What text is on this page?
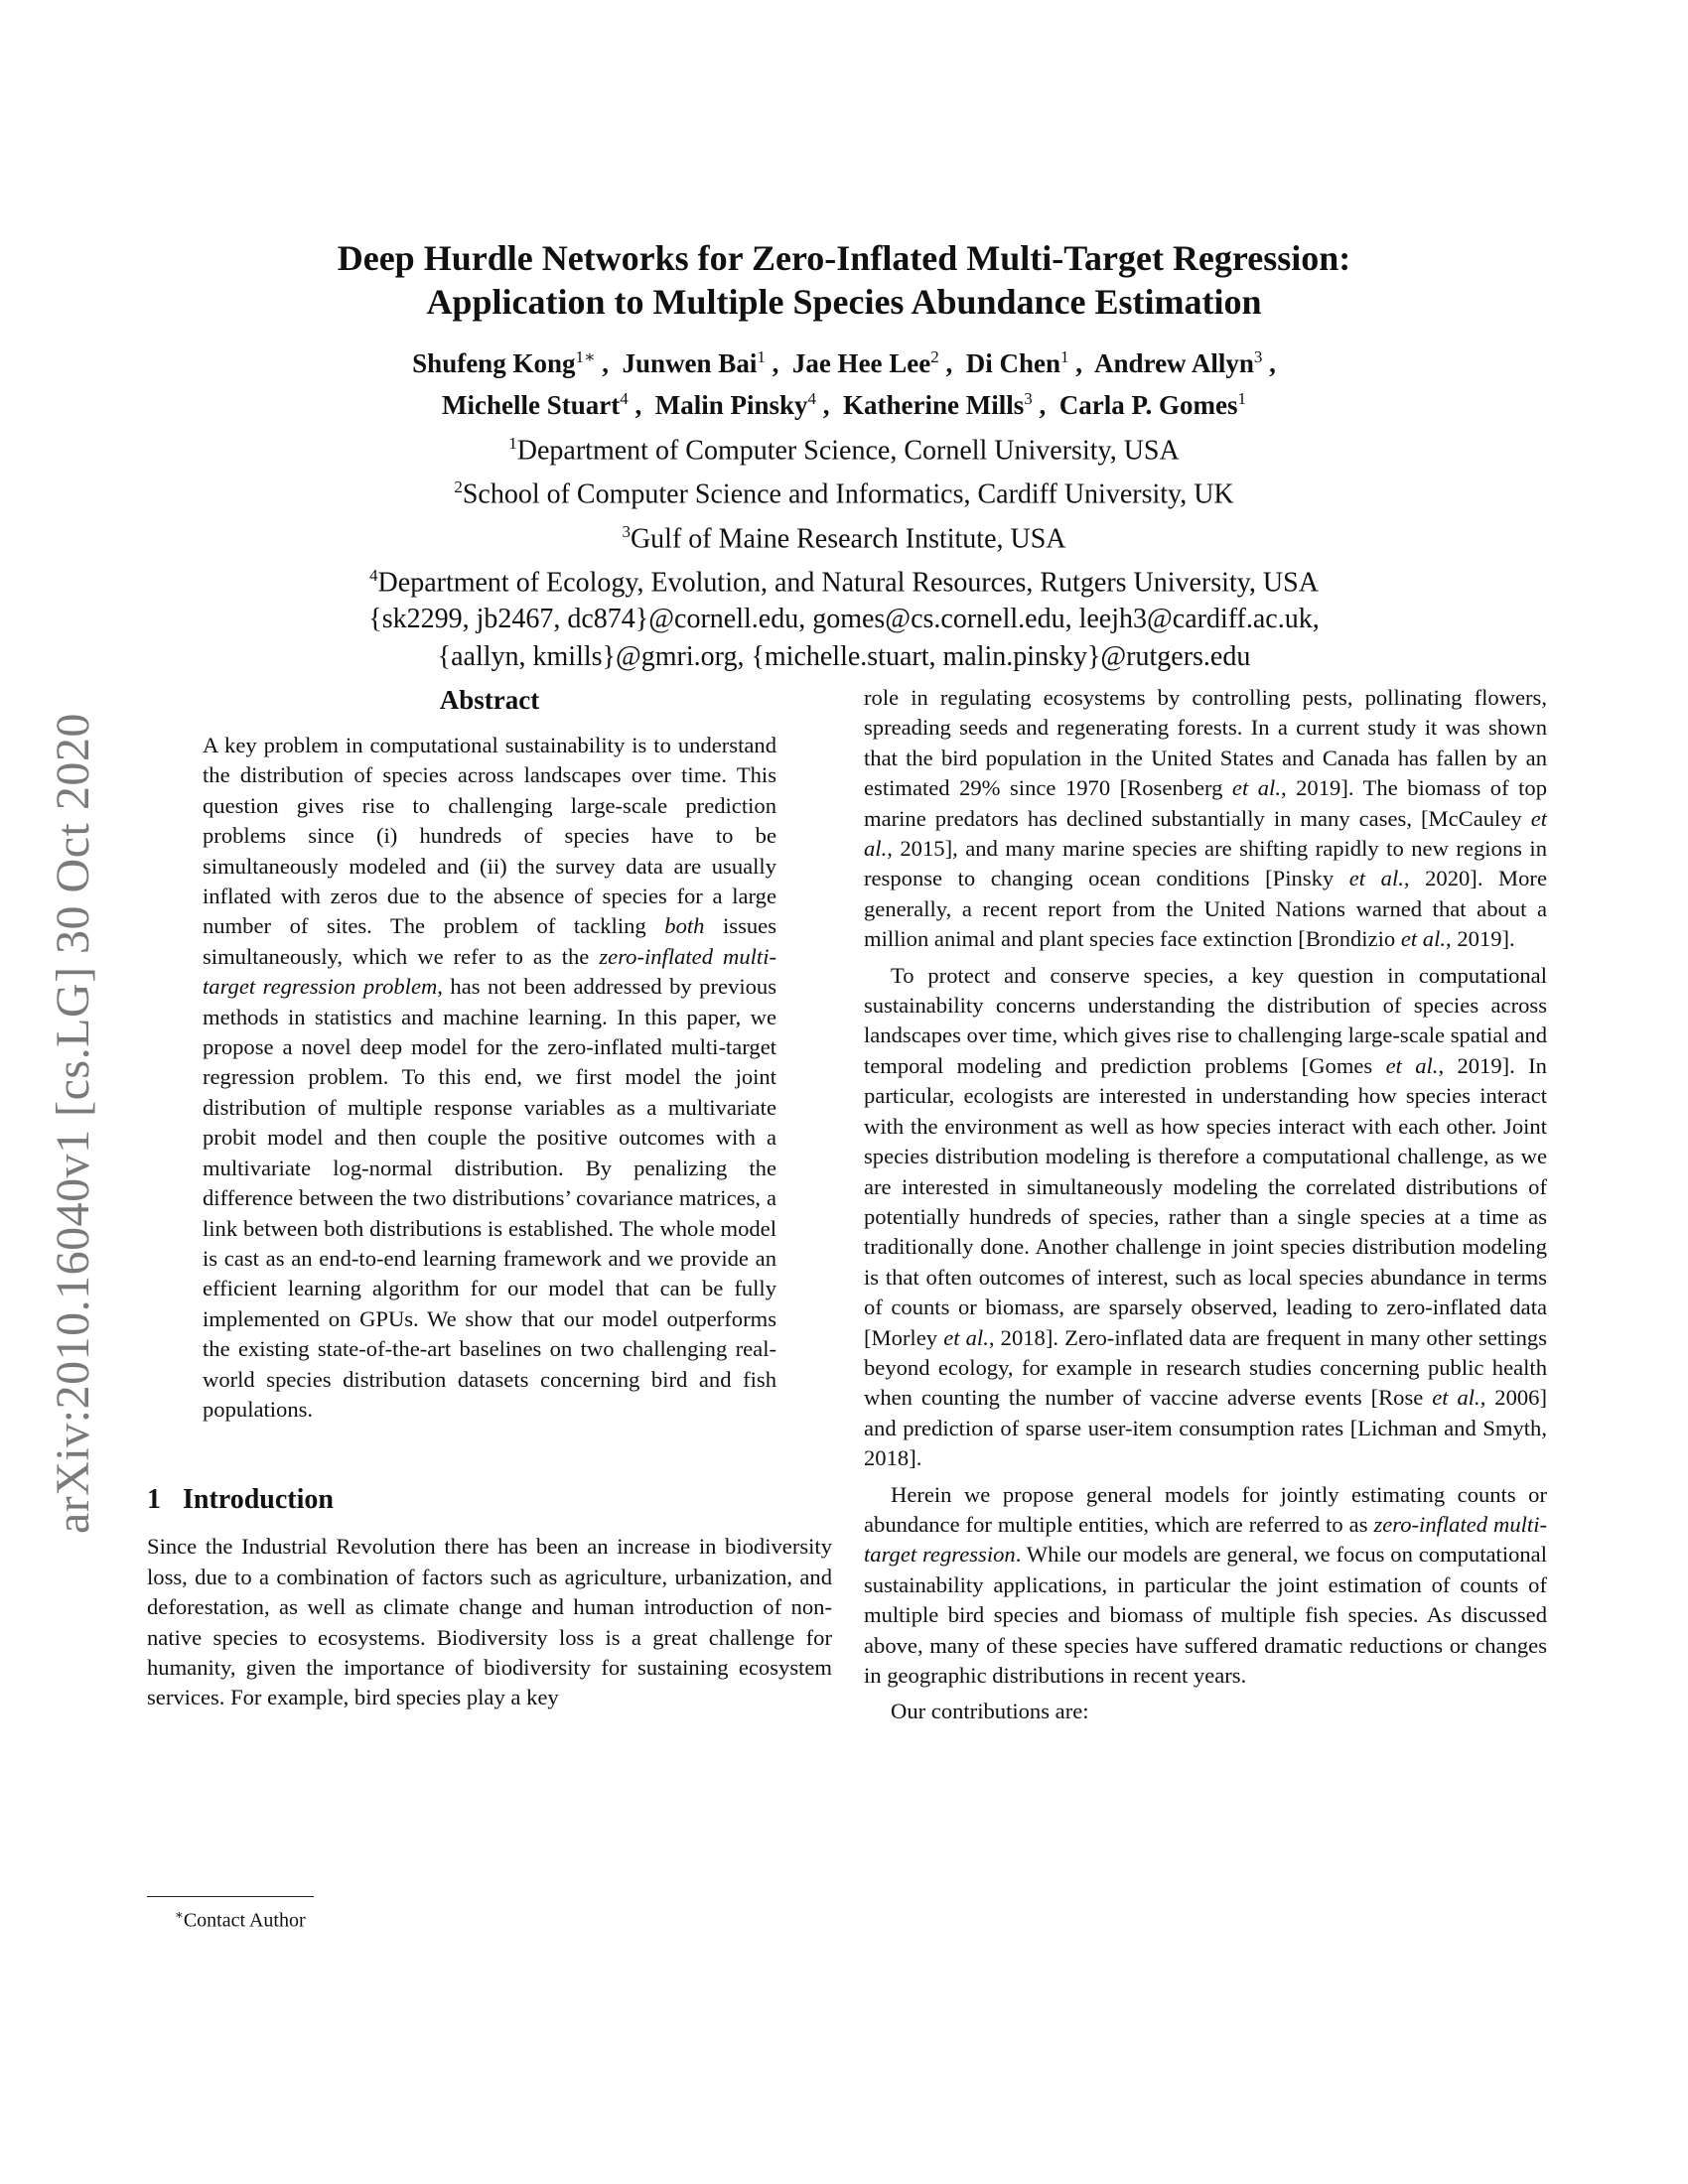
arXiv:2010.16040v1 [cs.LG] 30 Oct 2020
Deep Hurdle Networks for Zero-Inflated Multi-Target Regression:
Application to Multiple Species Abundance Estimation
Shufeng Kong$^{1∗}$ ,  Junwen Bai$^1$ ,  Jae Hee Lee$^2$ ,  Di Chen$^1$ ,  Andrew Allyn$^3$ ,
Michelle Stuart$^4$ ,  Malin Pinsky$^4$ ,  Katherine Mills$^3$ ,  Carla P. Gomes$^1$
$^1$Department of Computer Science, Cornell University, USA
$^2$School of Computer Science and Informatics, Cardiff University, UK
$^3$Gulf of Maine Research Institute, USA
$^4$Department of Ecology, Evolution, and Natural Resources, Rutgers University, USA
{sk2299, jb2467, dc874}@cornell.edu, gomes@cs.cornell.edu, leejh3@cardiff.ac.uk,
{aallyn, kmills}@gmri.org, {michelle.stuart, malin.pinsky}@rutgers.edu
Abstract
A key problem in computational sustainability is to understand the distribution of species across landscapes over time. This question gives rise to challenging large-scale prediction problems since (i) hundreds of species have to be simultaneously modeled and (ii) the survey data are usually inflated with zeros due to the absence of species for a large number of sites. The problem of tackling both issues simultaneously, which we refer to as the zero-inflated multi-target regression problem, has not been addressed by previous methods in statistics and machine learning. In this paper, we propose a novel deep model for the zero-inflated multi-target regression problem. To this end, we first model the joint distribution of multiple response variables as a multivariate probit model and then couple the positive outcomes with a multivariate log-normal distribution. By penalizing the difference between the two distributions’ covariance matrices, a link between both distributions is established. The whole model is cast as an end-to-end learning framework and we provide an efficient learning algorithm for our model that can be fully implemented on GPUs. We show that our model outperforms the existing state-of-the-art baselines on two challenging real-world species distribution datasets concerning bird and fish populations.
1 Introduction

Since the Industrial Revolution there has been an increase in biodiversity loss, due to a combination of factors such as agriculture, urbanization, and deforestation, as well as climate change and human introduction of non-native species to ecosystems. Biodiversity loss is a great challenge for humanity, given the importance of biodiversity for sustaining ecosystem services. For example, bird species play a key

role in regulating ecosystems by controlling pests, pollinating flowers, spreading seeds and regenerating forests. In a current study it was shown that the bird population in the United States and Canada has fallen by an estimated 29% since 1970 [Rosenberg et al., 2019]. The biomass of top marine predators has declined substantially in many cases, [McCauley et al., 2015], and many marine species are shifting rapidly to new regions in response to changing ocean conditions [Pinsky et al., 2020]. More generally, a recent report from the United Nations warned that about a million animal and plant species face extinction [Brondizio et al., 2019].

To protect and conserve species, a key question in computational sustainability concerns understanding the distribution of species across landscapes over time, which gives rise to challenging large-scale spatial and temporal modeling and prediction problems [Gomes et al., 2019]. In particular, ecologists are interested in understanding how species interact with the environment as well as how species interact with each other. Joint species distribution modeling is therefore a computational challenge, as we are interested in simultaneously modeling the correlated distributions of potentially hundreds of species, rather than a single species at a time as traditionally done. Another challenge in joint species distribution modeling is that often outcomes of interest, such as local species abundance in terms of counts or biomass, are sparsely observed, leading to zero-inflated data [Morley et al., 2018]. Zero-inflated data are frequent in many other settings beyond ecology, for example in research studies concerning public health when counting the number of vaccine adverse events [Rose et al., 2006] and prediction of sparse user-item consumption rates [Lichman and Smyth, 2018].

Herein we propose general models for jointly estimating counts or abundance for multiple entities, which are referred to as zero-inflated multi-target regression. While our models are general, we focus on computational sustainability applications, in particular the joint estimation of counts of multiple bird species and biomass of multiple fish species. As discussed above, many of these species have suffered dramatic reductions or changes in geographic distributions in recent years.

Our contributions are:

∗Contact Author
